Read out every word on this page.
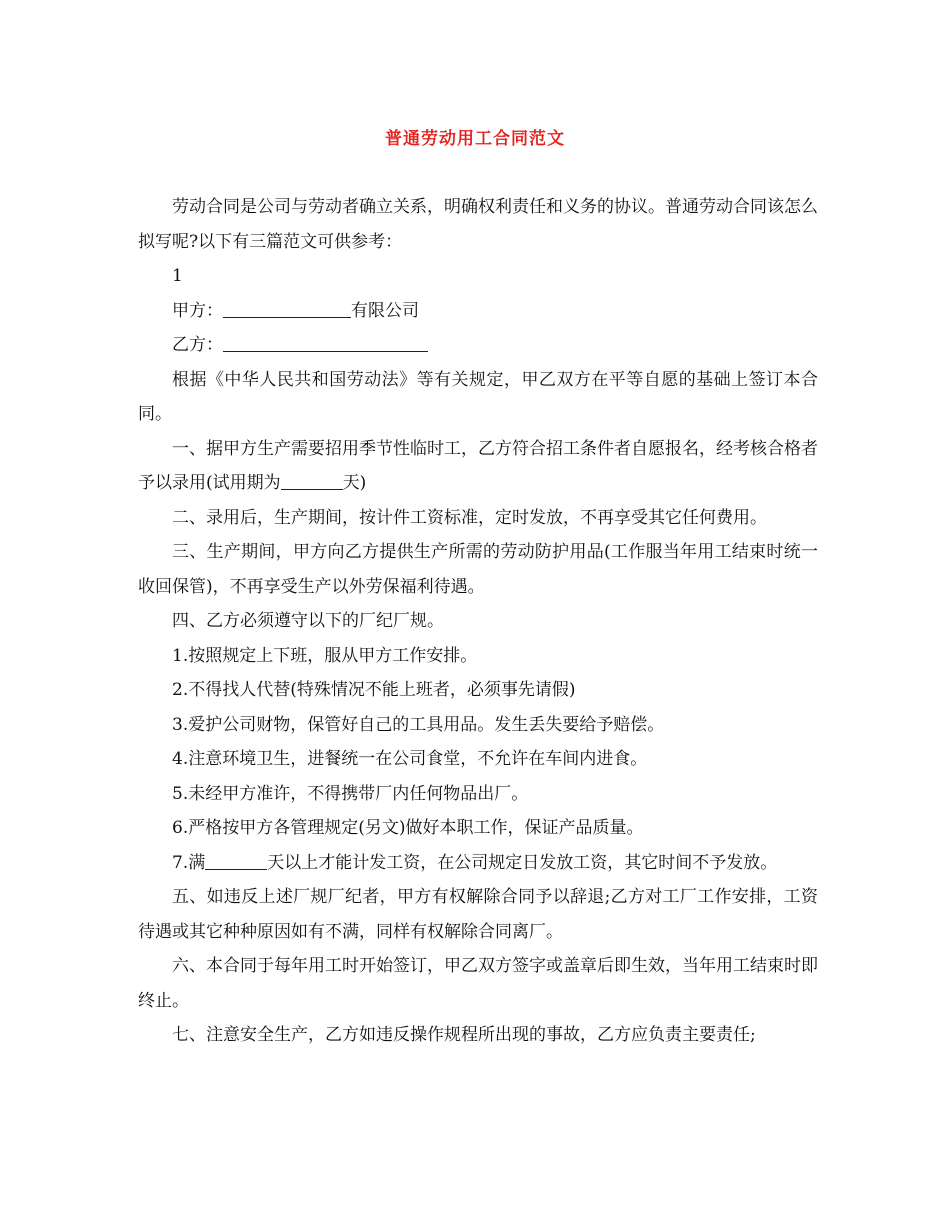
普通劳动用工合同范文

劳动合同是公司与劳动者确立关系，明确权利责任和义务的协议。普通劳动合同该怎么拟写呢?以下有三篇范文可供参考：

1

甲方：	有限公司

乙方：

根据《中华人民共和国劳动法》等有关规定，甲乙双方在平等自愿的基础上签订本合同。

一、据甲方生产需要招用季节性临时工，乙方符合招工条件者自愿报名，经考核合格者予以录用(试用期为	天)

二、录用后，生产期间，按计件工资标准，定时发放，不再享受其它任何费用。

三、生产期间，甲方向乙方提供生产所需的劳动防护用品(工作服当年用工结束时统一收回保管)，不再享受生产以外劳保福利待遇。

四、乙方必须遵守以下的厂纪厂规。

1.按照规定上下班，服从甲方工作安排。

2.不得找人代替(特殊情况不能上班者，必须事先请假)

3.爱护公司财物，保管好自己的工具用品。发生丢失要给予赔偿。

4.注意环境卫生，进餐统一在公司食堂，不允许在车间内进食。

5.未经甲方准许，不得携带厂内任何物品出厂。

6.严格按甲方各管理规定(另文)做好本职工作，保证产品质量。

7.满	天以上才能计发工资，在公司规定日发放工资，其它时间不予发放。

五、如违反上述厂规厂纪者，甲方有权解除合同予以辞退;乙方对工厂工作安排，工资待遇或其它种种原因如有不满，同样有权解除合同离厂。

六、本合同于每年用工时开始签订，甲乙双方签字或盖章后即生效，当年用工结束时即终止。

七、注意安全生产，乙方如违反操作规程所出现的事故，乙方应负责主要责任;
